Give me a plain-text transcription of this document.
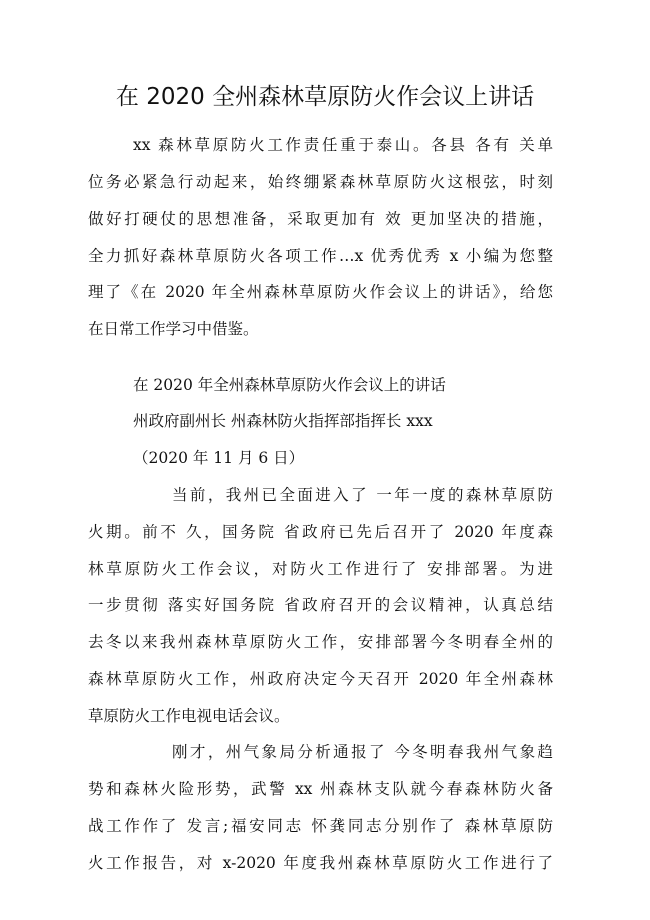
在 2020 全州森林草原防火作会议上讲话
xx 森林草原防火工作责任重于泰山。各县 各有 关单
位务必紧急行动起来，始终绷紧森林草原防火这根弦，时刻
做好打硬仗的思想准备，采取更加有 效 更加坚决的措施，
全力抓好森林草原防火各项工作…x 优秀优秀 x 小编为您整
理了《在 2020 年全州森林草原防火作会议上的讲话》，给您
在日常工作学习中借鉴。
在 2020 年全州森林草原防火作会议上的讲话
州政府副州长 州森林防火指挥部指挥长 xxx
（2020 年 11 月 6 日）
当前，我州已全面进入了 一年一度的森林草原防
火期。前不 久，国务院 省政府已先后召开了 2020 年度森
林草原防火工作会议，对防火工作进行了 安排部署。为进
一步贯彻 落实好国务院 省政府召开的会议精神，认真总结
去冬以来我州森林草原防火工作，安排部署今冬明春全州的
森林草原防火工作，州政府决定今天召开 2020 年全州森林
草原防火工作电视电话会议。
刚才，州气象局分析通报了 今冬明春我州气象趋
势和森林火险形势，武警 xx 州森林支队就今春森林防火备
战工作作了 发言;福安同志 怀龚同志分别作了 森林草原防
火工作报告，对 x-2020 年度我州森林草原防火工作进行了
